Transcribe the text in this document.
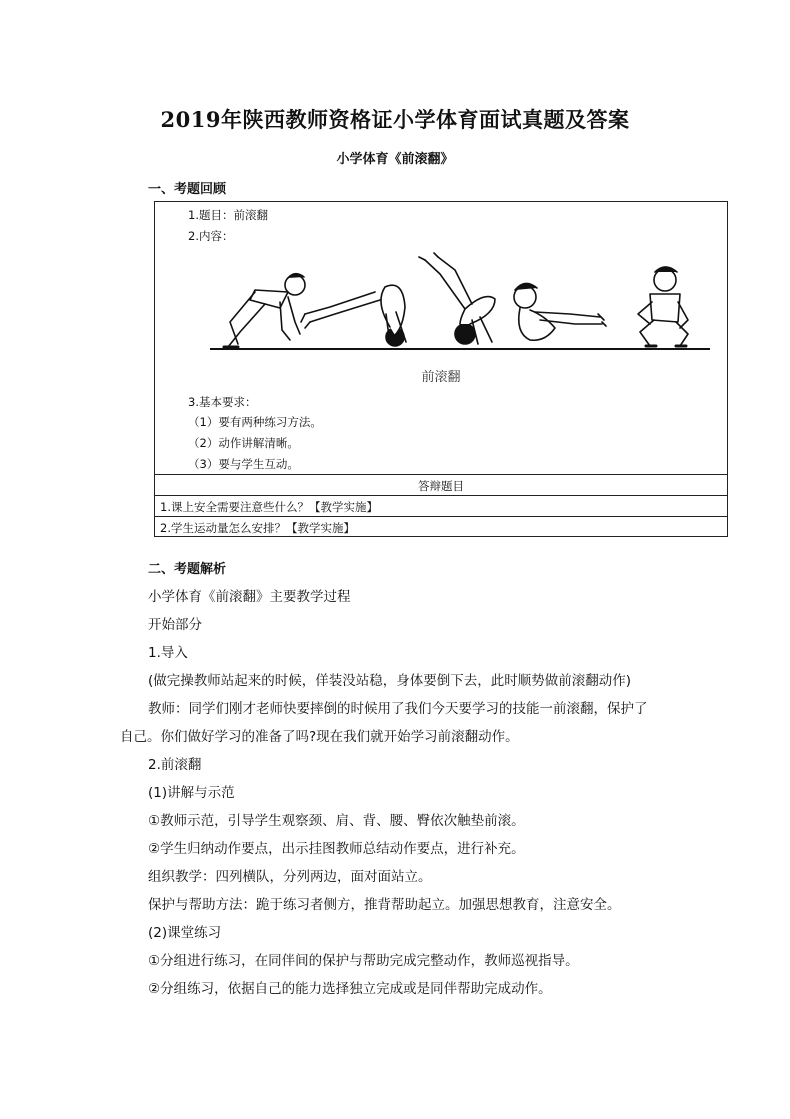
2019年陕西教师资格证小学体育面试真题及答案
小学体育《前滚翻》
一、考题回顾
1.题目：前滚翻
2.内容：
前滚翻
3.基本要求：
（1）要有两种练习方法。
（2）动作讲解清晰。
（3）要与学生互动。
答辩题目
1.课上安全需要注意些什么？【教学实施】
2.学生运动量怎么安排？【教学实施】
二、考题解析
小学体育《前滚翻》主要教学过程
开始部分
1.导入
(做完操教师站起来的时候，佯装没站稳，身体要倒下去，此时顺势做前滚翻动作)
教师：同学们刚才老师快要摔倒的时候用了我们今天要学习的技能一前滚翻，保护了
自己。你们做好学习的准备了吗?现在我们就开始学习前滚翻动作。
2.前滚翻
(1)讲解与示范
①教师示范，引导学生观察颈、肩、背、腰、臀依次触垫前滚。
②学生归纳动作要点，出示挂图教师总结动作要点，进行补充。
组织教学：四列横队，分列两边，面对面站立。
保护与帮助方法：跪于练习者侧方，推背帮助起立。加强思想教育，注意安全。
(2)课堂练习
①分组进行练习，在同伴间的保护与帮助完成完整动作，教师巡视指导。
②分组练习，依据自己的能力选择独立完成或是同伴帮助完成动作。
